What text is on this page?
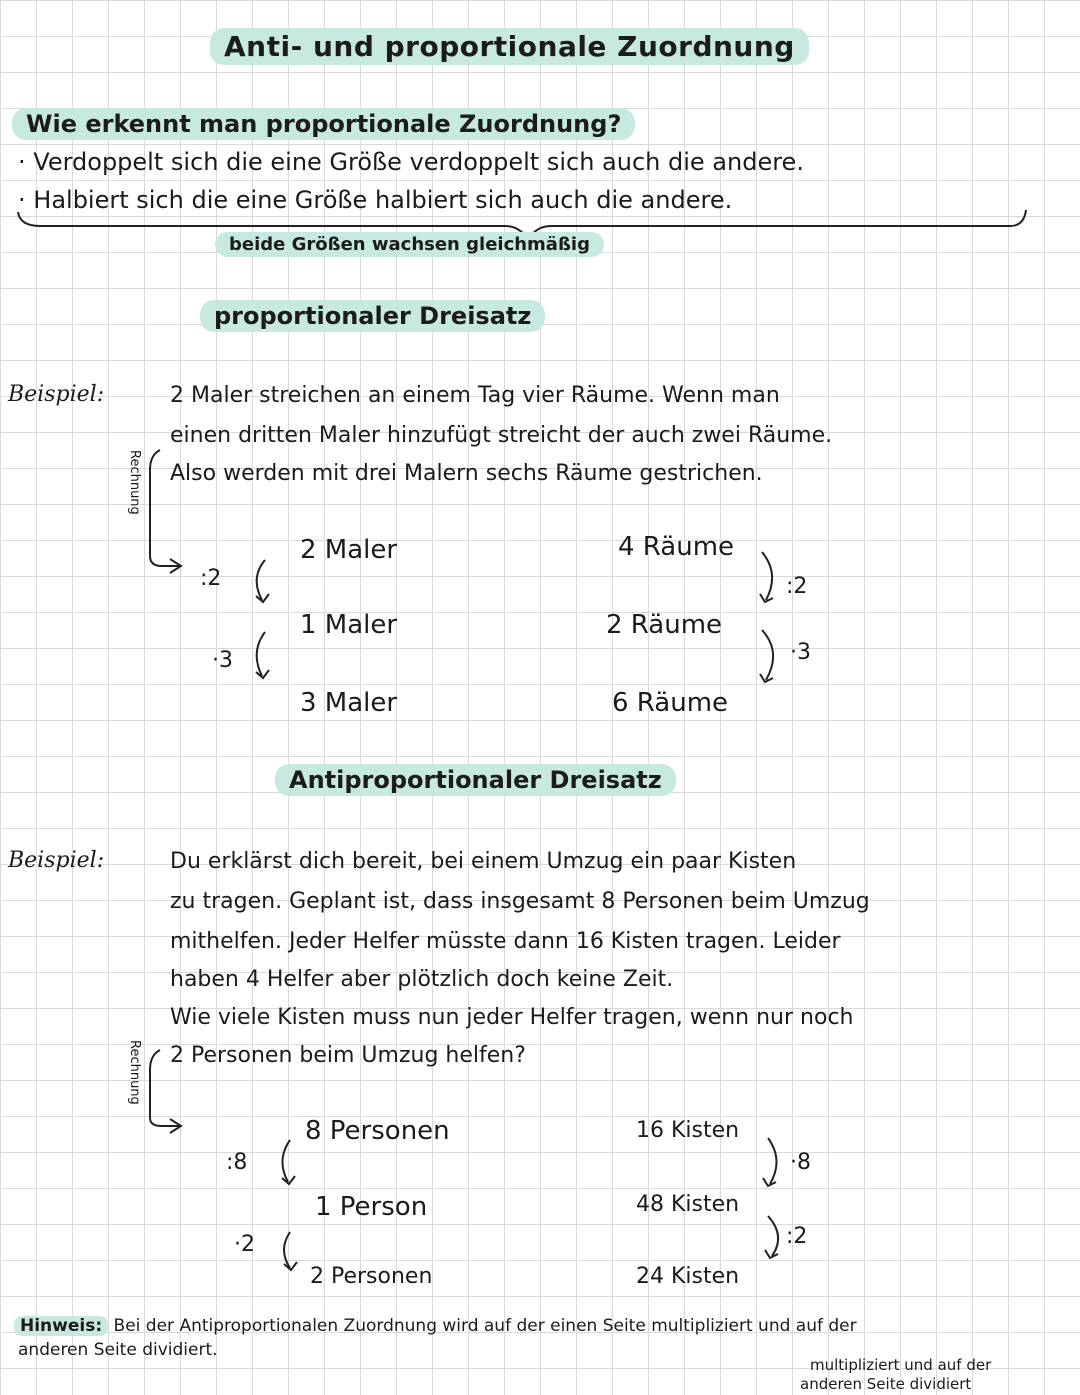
Anti- und proportionale Zuordnung
Wie erkennt man proportionale Zuordnung?
· Verdoppelt sich die eine Größe verdoppelt sich auch die andere.
· Halbiert sich die eine Größe halbiert sich auch die andere.
beide Größen wachsen gleichmäßig
proportionaler Dreisatz
Beispiel:	2 Maler streichen an einem Tag vier Räume. Wenn man
einen dritten Maler hinzufügt streicht der auch zwei Räume.
Also werden mit drei Malern sechs Räume gestrichen.
Rechnung
2 Maler
1 Maler
3 Maler
4 Räume
2 Räume
6 Räume
:2
·3
:2
·3
Antiproportionaler Dreisatz
Beispiel:	Du erklärst dich bereit, bei einem Umzug ein paar Kisten
zu tragen. Geplant ist, dass insgesamt 8 Personen beim Umzug
mithelfen. Jeder Helfer müsste dann 16 Kisten tragen. Leider
haben 4 Helfer aber plötzlich doch keine Zeit.
Wie viele Kisten muss nun jeder Helfer tragen, wenn nur noch
2 Personen beim Umzug helfen?
Rechnung
8 Personen
1 Person
2 Personen
16 Kisten
48 Kisten
24 Kisten
:8
·2
·8
:2
Hinweis: Bei der Antiproportionalen Zuordnung wird auf der einen Seite multipliziert und auf der
anderen Seite dividiert.
multipliziert und auf der
anderen Seite dividiert
